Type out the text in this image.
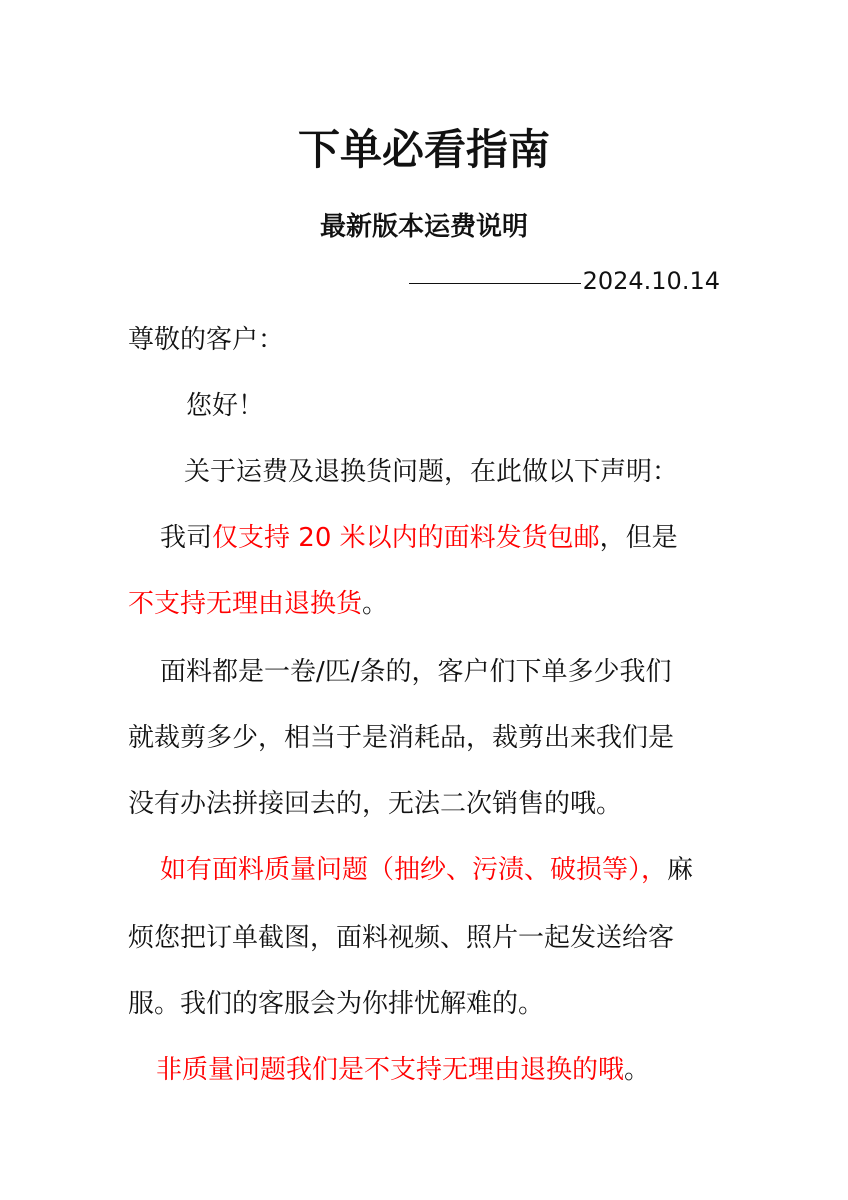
下单必看指南
最新版本运费说明
2024.10.14
尊敬的客户：
您好！
关于运费及退换货问题，在此做以下声明：
我司仅支持 20 米以内的面料发货包邮，但是
不支持无理由退换货。
面料都是一卷/匹/条的，客户们下单多少我们
就裁剪多少，相当于是消耗品，裁剪出来我们是
没有办法拼接回去的，无法二次销售的哦。
如有面料质量问题（抽纱、污渍、破损等），麻
烦您把订单截图，面料视频、照片一起发送给客
服。我们的客服会为你排忧解难的。
非质量问题我们是不支持无理由退换的哦。
